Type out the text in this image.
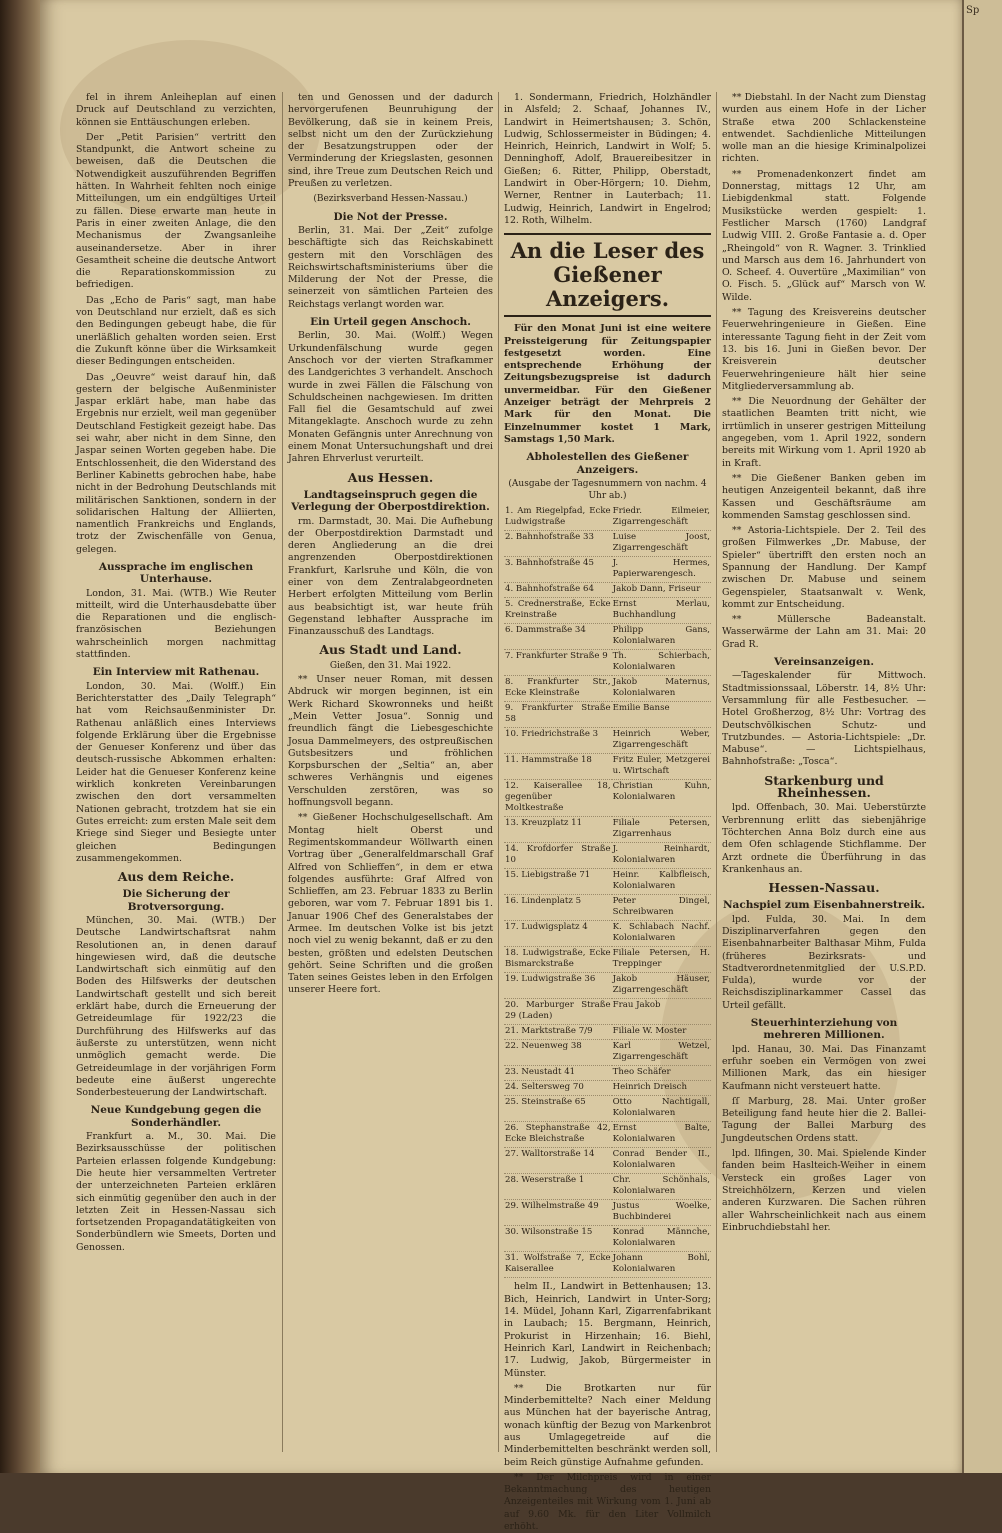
Sp

fel in ihrem Anleiheplan auf einen Druck auf Deutschland zu verzichten, können sie Enttäuschungen erleben.

Der „Petit Parisien“ vertritt den Standpunkt, die Antwort scheine zu beweisen, daß die Deutschen die Notwendigkeit auszuführenden Begriffen hätten. In Wahrheit fehlten noch einige Mitteilungen, um ein endgültiges Urteil zu fällen. Diese erwarte man heute in Paris in einer zweiten Anlage, die den Mechanismus der Zwangsanleihe auseinandersetze. Aber in ihrer Gesamtheit scheine die deutsche Antwort die Reparationskommission zu befriedigen.

Das „Echo de Paris“ sagt, man habe von Deutschland nur erzielt, daß es sich den Bedingungen gebeugt habe, die für unerläßlich gehalten worden seien. Erst die Zukunft könne über die Wirksamkeit dieser Bedingungen entscheiden.

Das „Oeuvre“ weist darauf hin, daß gestern der belgische Außenminister Jaspar erklärt habe, man habe das Ergebnis nur erzielt, weil man gegenüber Deutschland Festigkeit gezeigt habe. Das sei wahr, aber nicht in dem Sinne, den Jaspar seinen Worten gegeben habe. Die Entschlossenheit, die den Widerstand des Berliner Kabinetts gebrochen habe, habe nicht in der Bedrohung Deutschlands mit militärischen Sanktionen, sondern in der solidarischen Haltung der Alliierten, namentlich Frankreichs und Englands, trotz der Zwischenfälle von Genua, gelegen.

Aussprache im englischen Unterhause.

London, 31. Mai. (WTB.) Wie Reuter mitteilt, wird die Unterhausdebatte über die Reparationen und die englisch-französischen Beziehungen wahrscheinlich morgen nachmittag stattfinden.

Ein Interview mit Rathenau.

London, 30. Mai. (Wolff.) Ein Berichterstatter des „Daily Telegraph“ hat vom Reichsaußenminister Dr. Rathenau anläßlich eines Interviews folgende Erklärung über die Ergebnisse der Genueser Konferenz und über das deutsch-russische Abkommen erhalten: Leider hat die Genueser Konferenz keine wirklich konkreten Vereinbarungen zwischen den dort versammelten Nationen gebracht, trotzdem hat sie ein Gutes erreicht: zum ersten Male seit dem Kriege sind Sieger und Besiegte unter gleichen Bedingungen zusammengekommen.

Aus dem Reiche.
Die Sicherung der Brotversorgung.

München, 30. Mai. (WTB.) Der Deutsche Landwirtschaftsrat nahm Resolutionen an, in denen darauf hingewiesen wird, daß die deutsche Landwirtschaft sich einmütig auf den Boden des Hilfswerks der deutschen Landwirtschaft gestellt und sich bereit erklärt habe, durch die Erneuerung der Getreideumlage für 1922/23 die Durchführung des Hilfswerks auf das äußerste zu unterstützen, wenn nicht unmöglich gemacht werde. Die Getreideumlage in der vorjährigen Form bedeute eine äußerst ungerechte Sonderbesteuerung der Landwirtschaft.

Neue Kundgebung gegen die Sonderhändler.

Frankfurt a. M., 30. Mai. Die Bezirksausschüsse der politischen Parteien erlassen folgende Kundgebung: Die heute hier versammelten Vertreter der unterzeichneten Parteien erklären sich einmütig gegenüber den auch in der letzten Zeit in Hessen-Nassau sich fortsetzenden Propagandatätigkeiten von Sonderbündlern wie Smeets, Dorten und Genossen.

ten und Genossen und der dadurch hervorgerufenen Beunruhigung der Bevölkerung, daß sie in keinem Preis, selbst nicht um den der Zurückziehung der Besatzungstruppen oder der Verminderung der Kriegslasten, gesonnen sind, ihre Treue zum Deutschen Reich und Preußen zu verletzen.

(Bezirksverband Hessen-Nassau.)
Die Not der Presse.

Berlin, 31. Mai. Der „Zeit“ zufolge beschäftigte sich das Reichskabinett gestern mit den Vorschlägen des Reichswirtschaftsministeriums über die Milderung der Not der Presse, die seinerzeit von sämtlichen Parteien des Reichstags verlangt worden war.

Ein Urteil gegen Anschoch.

Berlin, 30. Mai. (Wolff.) Wegen Urkundenfälschung wurde gegen Anschoch vor der vierten Strafkammer des Landgerichtes 3 verhandelt. Anschoch wurde in zwei Fällen die Fälschung von Schuldscheinen nachgewiesen. Im dritten Fall fiel die Gesamtschuld auf zwei Mitangeklagte. Anschoch wurde zu zehn Monaten Gefängnis unter Anrechnung von einem Monat Untersuchungshaft und drei Jahren Ehrverlust verurteilt.

Aus Hessen.
Landtagseinspruch gegen die Verlegung der Oberpostdirektion.

rm. Darmstadt, 30. Mai. Die Aufhebung der Oberpostdirektion Darmstadt und deren Angliederung an die drei angrenzenden Oberpostdirektionen Frankfurt, Karlsruhe und Köln, die von einer von dem Zentralabgeordneten Herbert erfolgten Mitteilung vom Berlin aus beabsichtigt ist, war heute früh Gegenstand lebhafter Aussprache im Finanzausschuß des Landtags.

Aus Stadt und Land.
Gießen, den 31. Mai 1922.

** Unser neuer Roman, mit dessen Abdruck wir morgen beginnen, ist ein Werk Richard Skowronneks und heißt „Mein Vetter Josua“. Sonnig und freundlich fängt die Liebesgeschichte Josua Dammelmeyers, des ostpreußischen Gutsbesitzers und fröhlichen Korpsburschen der „Seltia“ an, aber schweres Verhängnis und eigenes Verschulden zerstören, was so hoffnungsvoll begann.

** Gießener Hochschulgesellschaft. Am Montag hielt Oberst und Regimentskommandeur Wöllwarth einen Vortrag über „Generalfeldmarschall Graf Alfred von Schlieffen“, in dem er etwa folgendes ausführte: Graf Alfred von Schlieffen, am 23. Februar 1833 zu Berlin geboren, war vom 7. Februar 1891 bis 1. Januar 1906 Chef des Generalstabes der Armee. Im deutschen Volke ist bis jetzt noch viel zu wenig bekannt, daß er zu den besten, größten und edelsten Deutschen gehört. Seine Schriften und die großen Taten seines Geistes leben in den Erfolgen unserer Heere fort.

1. Sondermann, Friedrich, Holzhändler in Alsfeld; 2. Schaaf, Johannes IV., Landwirt in Heimertshausen; 3. Schön, Ludwig, Schlossermeister in Büdingen; 4. Heinrich, Heinrich, Landwirt in Wolf; 5. Denninghoff, Adolf, Brauereibesitzer in Gießen; 6. Ritter, Philipp, Oberstadt, Landwirt in Ober-Hörgern; 10. Diehm, Werner, Rentner in Lauterbach; 11. Ludwig, Heinrich, Landwirt in Engelrod; 12. Roth, Wilhelm.

An die Leser des Gießener Anzeigers.

Für den Monat Juni ist eine weitere Preissteigerung für Zeitungspapier festgesetzt worden. Eine entsprechende Erhöhung der Zeitungsbezugspreise ist dadurch unvermeidbar. Für den Gießener Anzeiger beträgt der Mehrpreis 2 Mark für den Monat. Die Einzelnummer kostet 1 Mark, Samstags 1,50 Mark.

Abholestellen des Gießener Anzeigers.
(Ausgabe der Tagesnummern von nachm. 4 Uhr ab.)
1. Am Riegelpfad, Ecke Ludwigstraße	Friedr. Eilmeier, Zigarrengeschäft
2. Bahnhofstraße 33	Luise Joost, Zigarrengeschäft
3. Bahnhofstraße 45	J. Hermes, Papierwarengesch.
4. Bahnhofstraße 64	Jakob Dann, Friseur
5. Crednerstraße, Ecke Kreinstraße	Ernst Merlau, Buchhandlung
6. Dammstraße 34	Philipp Gans, Kolonialwaren
7. Frankfurter Straße 9	Th. Schierbach, Kolonialwaren
8. Frankfurter Str., Ecke Kleinstraße	Jakob Maternus, Kolonialwaren
9. Frankfurter Straße 58	Emilie Banse
10. Friedrichstraße 3	Heinrich Weber, Zigarrengeschäft
11. Hammstraße 18	Fritz Euler, Metzgerei u. Wirtschaft
12. Kaiserallee 18, gegenüber Moltkestraße	Christian Kuhn, Kolonialwaren
13. Kreuzplatz 11	Filiale Petersen, Zigarrenhaus
14. Krofdorfer Straße 10	J. Reinhardt, Kolonialwaren
15. Liebigstraße 71	Heinr. Kalbfleisch, Kolonialwaren
16. Lindenplatz 5	Peter Dingel, Schreibwaren
17. Ludwigsplatz 4	K. Schlabach Nachf. Kolonialwaren
18. Ludwigstraße, Ecke Bismarckstraße	Filiale Petersen, H. Treppinger
19. Ludwigstraße 36	Jakob Häuser, Zigarrengeschäft
20. Marburger Straße 29 (Laden)	Frau Jakob
21. Marktstraße 7/9	Filiale W. Moster
22. Neuenweg 38	Karl Wetzel, Zigarrengeschäft
23. Neustadt 41	Theo Schäfer
24. Seltersweg 70	Heinrich Dreisch
25. Steinstraße 65	Otto Nachtigall, Kolonialwaren
26. Stephanstraße 42, Ecke Bleichstraße	Ernst Balte, Kolonialwaren
27. Walltorstraße 14	Conrad Bender II., Kolonialwaren
28. Weserstraße 1	Chr. Schönhals, Kolonialwaren
29. Wilhelmstraße 49	Justus Woelke, Buchbinderei
30. Wilsonstraße 15	Konrad Männche, Kolonialwaren
31. Wolfstraße 7, Ecke Kaiserallee	Johann Bohl, Kolonialwaren

helm II., Landwirt in Bettenhausen; 13. Bich, Heinrich, Landwirt in Unter-Sorg; 14. Müdel, Johann Karl, Zigarrenfabrikant in Laubach; 15. Bergmann, Heinrich, Prokurist in Hirzenhain; 16. Biehl, Heinrich Karl, Landwirt in Reichenbach; 17. Ludwig, Jakob, Bürgermeister in Münster.

** Die Brotkarten nur für Minderbemittelte? Nach einer Meldung aus München hat der bayerische Antrag, wonach künftig der Bezug von Markenbrot aus Umlagegetreide auf die Minderbemittelten beschränkt werden soll, beim Reich günstige Aufnahme gefunden.

** Der Milchpreis wird in einer Bekanntmachung des heutigen Anzeigenteiles mit Wirkung vom 1. Juni ab auf 9.60 Mk. für den Liter Vollmilch erhöht.

** Diebstahl. In der Nacht zum Dienstag wurden aus einem Hofe in der Licher Straße etwa 200 Schlackensteine entwendet. Sachdienliche Mitteilungen wolle man an die hiesige Kriminalpolizei richten.

** Promenadenkonzert findet am Donnerstag, mittags 12 Uhr, am Liebigdenkmal statt. Folgende Musikstücke werden gespielt: 1. Festlicher Marsch (1760) Landgraf Ludwig VIII. 2. Große Fantasie a. d. Oper „Rheingold“ von R. Wagner. 3. Trinklied und Marsch aus dem 16. Jahrhundert von O. Scheef. 4. Ouvertüre „Maximilian“ von O. Fisch. 5. „Glück auf“ Marsch von W. Wilde.

** Tagung des Kreisvereins deutscher Feuerwehringenieure in Gießen. Eine interessante Tagung fieht in der Zeit vom 13. bis 16. Juni in Gießen bevor. Der Kreisverein deutscher Feuerwehringenieure hält hier seine Mitgliederversammlung ab.

** Die Neuordnung der Gehälter der staatlichen Beamten tritt nicht, wie irrtümlich in unserer gestrigen Mitteilung angegeben, vom 1. April 1922, sondern bereits mit Wirkung vom 1. April 1920 ab in Kraft.

** Die Gießener Banken geben im heutigen Anzeigenteil bekannt, daß ihre Kassen und Geschäftsräume am kommenden Samstag geschlossen sind.

** Astoria-Lichtspiele. Der 2. Teil des großen Filmwerkes „Dr. Mabuse, der Spieler“ übertrifft den ersten noch an Spannung der Handlung. Der Kampf zwischen Dr. Mabuse und seinem Gegenspieler, Staatsanwalt v. Wenk, kommt zur Entscheidung.

** Müllersche Badeanstalt. Wasserwärme der Lahn am 31. Mai: 20 Grad R.

Vereinsanzeigen.

—Tageskalender für Mittwoch. Stadtmissionssaal, Löberstr. 14, 8½ Uhr: Versammlung für alle Festbesucher. — Hotel Großherzog, 8½ Uhr: Vortrag des Deutschvölkischen Schutz- und Trutzbundes. — Astoria-Lichtspiele: „Dr. Mabuse“. — Lichtspielhaus, Bahnhofstraße: „Tosca“.

Starkenburg und Rheinhessen.

lpd. Offenbach, 30. Mai. Ueberstürzte Verbrennung erlitt das siebenjährige Töchterchen Anna Bolz durch eine aus dem Ofen schlagende Stichflamme. Der Arzt ordnete die Überführung in das Krankenhaus an.

Hessen-Nassau.
Nachspiel zum Eisenbahnerstreik.

lpd. Fulda, 30. Mai. In dem Disziplinarverfahren gegen den Eisenbahnarbeiter Balthasar Mihm, Fulda (früheres Bezirksrats- und Stadtverordnetenmitglied der U.S.P.D. Fulda), wurde vor der Reichsdisziplinarkammer Cassel das Urteil gefällt.

Steuerhinterziehung von mehreren Millionen.

lpd. Hanau, 30. Mai. Das Finanzamt erfuhr soeben ein Vermögen von zwei Millionen Mark, das ein hiesiger Kaufmann nicht versteuert hatte.

ſſ Marburg, 28. Mai. Unter großer Beteiligung fand heute hier die 2. Ballei-Tagung der Ballei Marburg des Jungdeutschen Ordens statt.

lpd. Ilfingen, 30. Mai. Spielende Kinder fanden beim Haslteich-Weiher in einem Versteck ein großes Lager von Streichhölzern, Kerzen und vielen anderen Kurzwaren. Die Sachen rühren aller Wahrscheinlichkeit nach aus einem Einbruchdiebstahl her.
